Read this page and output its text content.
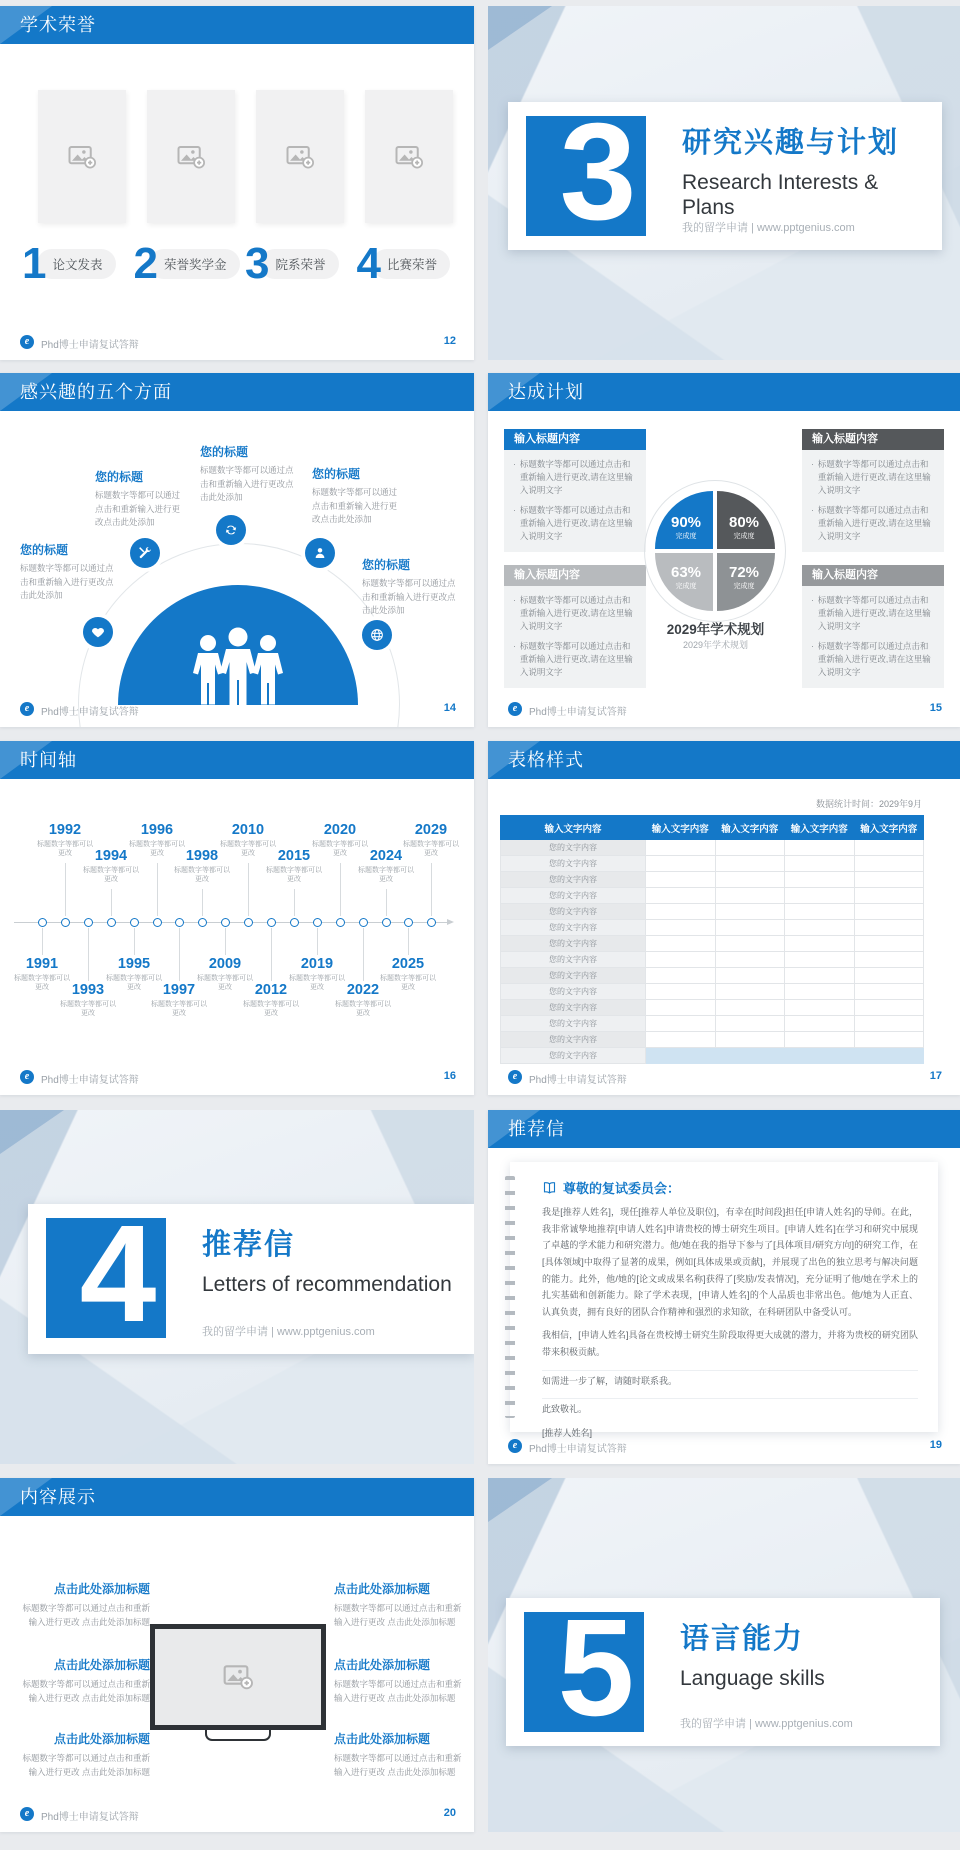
学术荣誉
1 论文发表 2 荣誉奖学金 3 院系荣誉 4 比赛荣誉
e	Phd博士申请复试答辩	12
3 研究兴趣与计划
Research Interests & Plans
我的留学申请 | www.pptgenius.com
感兴趣的五个方面
您的标题
标题数字等都可以通过点击和重新输入进行更改点击此处添加
您的标题
标题数字等都可以通过点击和重新输入进行更改点击此处添加
您的标题
标题数字等都可以通过点击和重新输入进行更改点击此处添加
您的标题
标题数字等都可以通过点击和重新输入进行更改点击此处添加
您的标题
标题数字等都可以通过点击和重新输入进行更改点击此处添加
e	Phd博士申请复试答辩	14
达成计划
输入标题内容
· 标题数字等都可以通过点击和重新输入进行更改,请在这里输入说明文字
· 标题数字等都可以通过点击和重新输入进行更改,请在这里输入说明文字
输入标题内容
· 标题数字等都可以通过点击和重新输入进行更改,请在这里输入说明文字
· 标题数字等都可以通过点击和重新输入进行更改,请在这里输入说明文字
输入标题内容
· 标题数字等都可以通过点击和重新输入进行更改,请在这里输入说明文字
· 标题数字等都可以通过点击和重新输入进行更改,请在这里输入说明文字
输入标题内容
· 标题数字等都可以通过点击和重新输入进行更改,请在这里输入说明文字
· 标题数字等都可以通过点击和重新输入进行更改,请在这里输入说明文字
90%
完成度
80%
完成度
63%
完成度
72%
完成度
2029年学术规划
2029年学术规划
e	Phd博士申请复试答辩	15
时间轴
1992
标题数字等都可以更改	1994
标题数字等都可以更改
1996
标题数字等都可以更改	1998
标题数字等都可以更改
2010
标题数字等都可以更改	2015
标题数字等都可以更改
2020
标题数字等都可以更改	2024
标题数字等都可以更改
2029
标题数字等都可以更改
1991
标题数字等都可以更改	1993
标题数字等都可以更改
1995
标题数字等都可以更改	1997
标题数字等都可以更改
2009
标题数字等都可以更改	2012
标题数字等都可以更改
2019
标题数字等都可以更改	2022
标题数字等都可以更改
2025
标题数字等都可以更改
e	Phd博士申请复试答辩	16
表格样式
数据统计时间：2029年9月
输入文字内容	输入文字内容	输入文字内容	输入文字内容	输入文字内容
您的文字内容				
您的文字内容				
您的文字内容				
您的文字内容				
您的文字内容				
您的文字内容				
您的文字内容				
您的文字内容				
您的文字内容				
您的文字内容				
您的文字内容				
您的文字内容				
您的文字内容				
您的文字内容				
e	Phd博士申请复试答辩	17
4 推荐信
Letters of recommendation
我的留学申请 | www.pptgenius.com
推荐信
尊敬的复试委员会：
我是[推荐人姓名]，现任[推荐人单位及职位]，有幸在[时间段]担任[申请人姓名]的导师。在此，我非常诚挚地推荐[申请人姓名]申请贵校的博士研究生项目。[申请人姓名]在学习和研究中展现了卓越的学术能力和研究潜力。他/她在我的指导下参与了[具体项目/研究方向]的研究工作，在[具体领域]中取得了显著的成果，例如[具体成果或贡献]，并展现了出色的独立思考与解决问题的能力。此外，他/她的[论文或成果名称]获得了[奖励/发表情况]，充分证明了他/她在学术上的扎实基础和创新能力。除了学术表现，[申请人姓名]的个人品质也非常出色。他/她为人正直、认真负责，拥有良好的团队合作精神和强烈的求知欲，在科研团队中备受认可。
我相信，[申请人姓名]具备在贵校博士研究生阶段取得更大成就的潜力，并将为贵校的研究团队带来积极贡献。
如需进一步了解，请随时联系我。
此致敬礼。
[推荐人姓名]
e	Phd博士申请复试答辩	19
内容展示
点击此处添加标题
标题数字等都可以通过点击和重新输入进行更改 点击此处添加标题
点击此处添加标题
标题数字等都可以通过点击和重新输入进行更改 点击此处添加标题
点击此处添加标题
标题数字等都可以通过点击和重新输入进行更改 点击此处添加标题
点击此处添加标题
标题数字等都可以通过点击和重新输入进行更改 点击此处添加标题
点击此处添加标题
标题数字等都可以通过点击和重新输入进行更改 点击此处添加标题
点击此处添加标题
标题数字等都可以通过点击和重新输入进行更改 点击此处添加标题
e	Phd博士申请复试答辩	20
5 语言能力
Language skills
我的留学申请 | www.pptgenius.com
